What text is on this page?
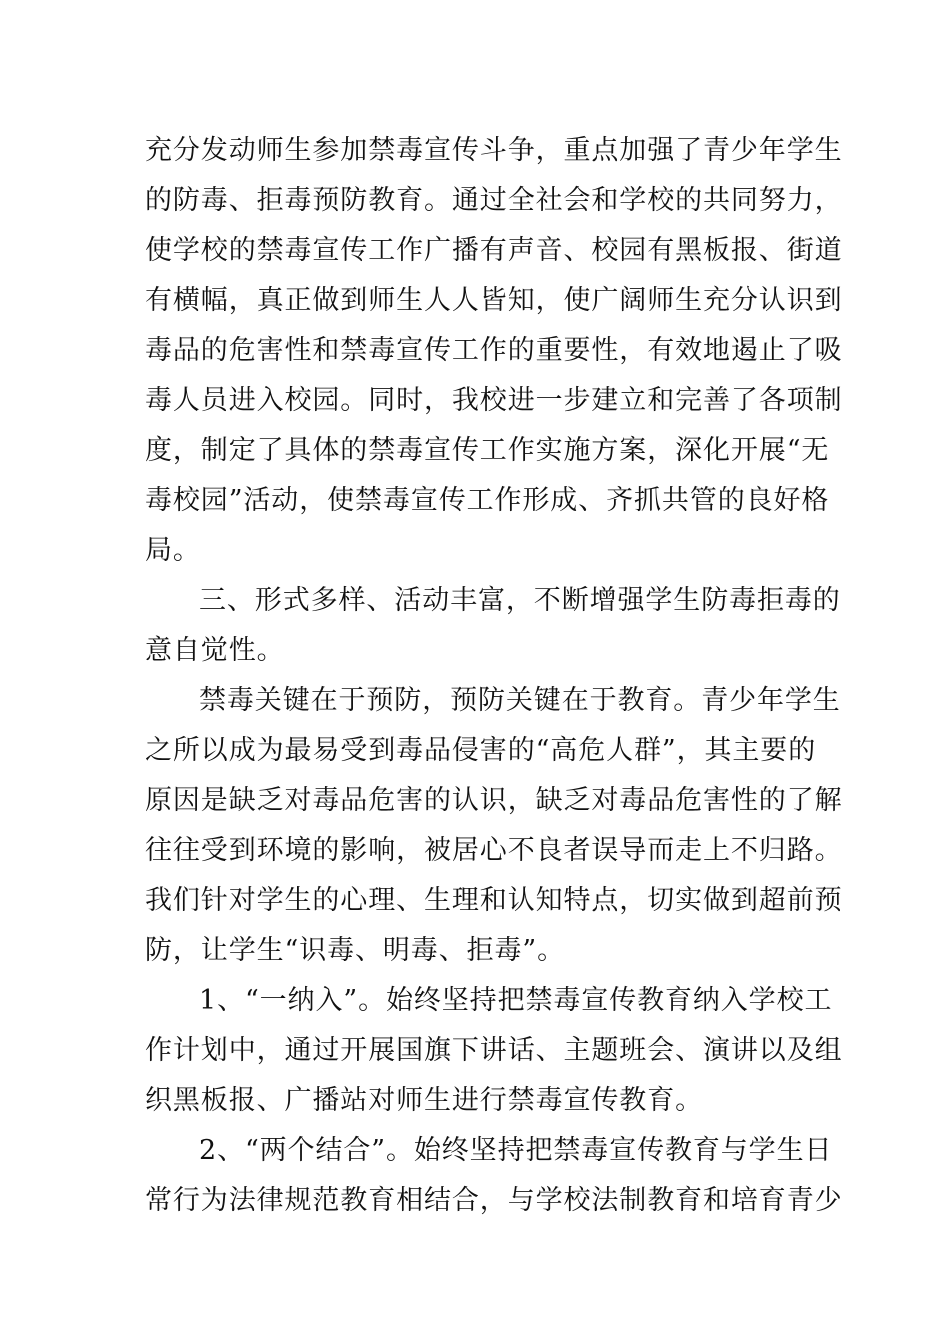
充分发动师生参加禁毒宣传斗争，重点加强了青少年学生
的防毒、拒毒预防教育。通过全社会和学校的共同努力，
使学校的禁毒宣传工作广播有声音、校园有黑板报、街道
有横幅，真正做到师生人人皆知，使广阔师生充分认识到
毒品的危害性和禁毒宣传工作的重要性，有效地遏止了吸
毒人员进入校园。同时，我校进一步建立和完善了各项制
度，制定了具体的禁毒宣传工作实施方案，深化开展“无
毒校园”活动，使禁毒宣传工作形成、齐抓共管的良好格
局。
三、形式多样、活动丰富，不断增强学生防毒拒毒的
意自觉性。
禁毒关键在于预防，预防关键在于教育。青少年学生
之所以成为最易受到毒品侵害的“高危人群”，其主要的
原因是缺乏对毒品危害的认识，缺乏对毒品危害性的了解
往往受到环境的影响，被居心不良者误导而走上不归路。
我们针对学生的心理、生理和认知特点，切实做到超前预
防，让学生“识毒、明毒、拒毒”。
1、“一纳入”。始终坚持把禁毒宣传教育纳入学校工
作计划中，通过开展国旗下讲话、主题班会、演讲以及组
织黑板报、广播站对师生进行禁毒宣传教育。
2、“两个结合”。始终坚持把禁毒宣传教育与学生日
常行为法律规范教育相结合，与学校法制教育和培育青少
